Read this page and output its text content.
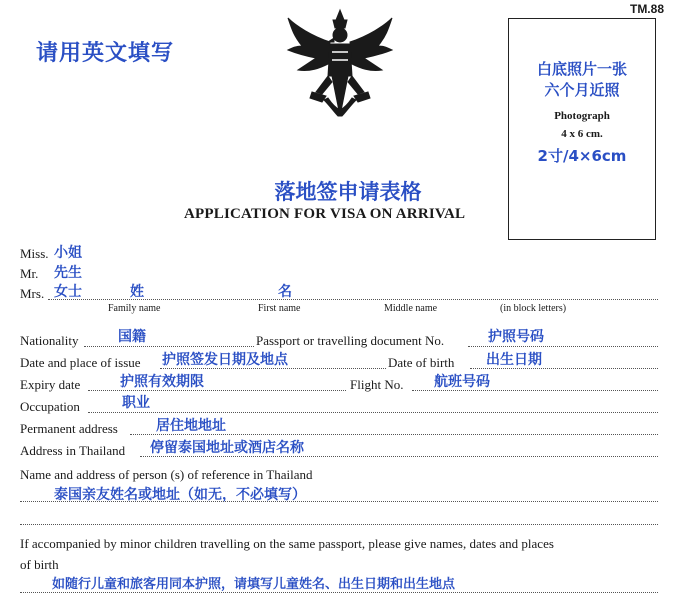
TM.88
请用英文填写
白底照片一张
六个月近照
Photograph
4 x 6 cm.
2寸/4×6cm
落地签申请表格
APPLICATION FOR VISA ON ARRIVAL
Miss. 小姐
Mr. 先生
Mrs. 女士	姓	名
Family name	First name	Middle name	(in block letters)
Nationality	国籍	Passport or travelling document No.	护照号码
Date and place of issue 护照签发日期及地点	Date of birth 出生日期
Expiry date	护照有效期限	Flight No. 航班号码
Occupation	职业
Permanent address	居住地地址
Address in Thailand 停留泰国地址或酒店名称
Name and address of person (s) of reference in Thailand
泰国亲友姓名或地址（如无，不必填写）
If accompanied by minor children travelling on the same passport, please give names, dates and places
of birth
如随行儿童和旅客用同本护照，请填写儿童姓名、出生日期和出生地点
